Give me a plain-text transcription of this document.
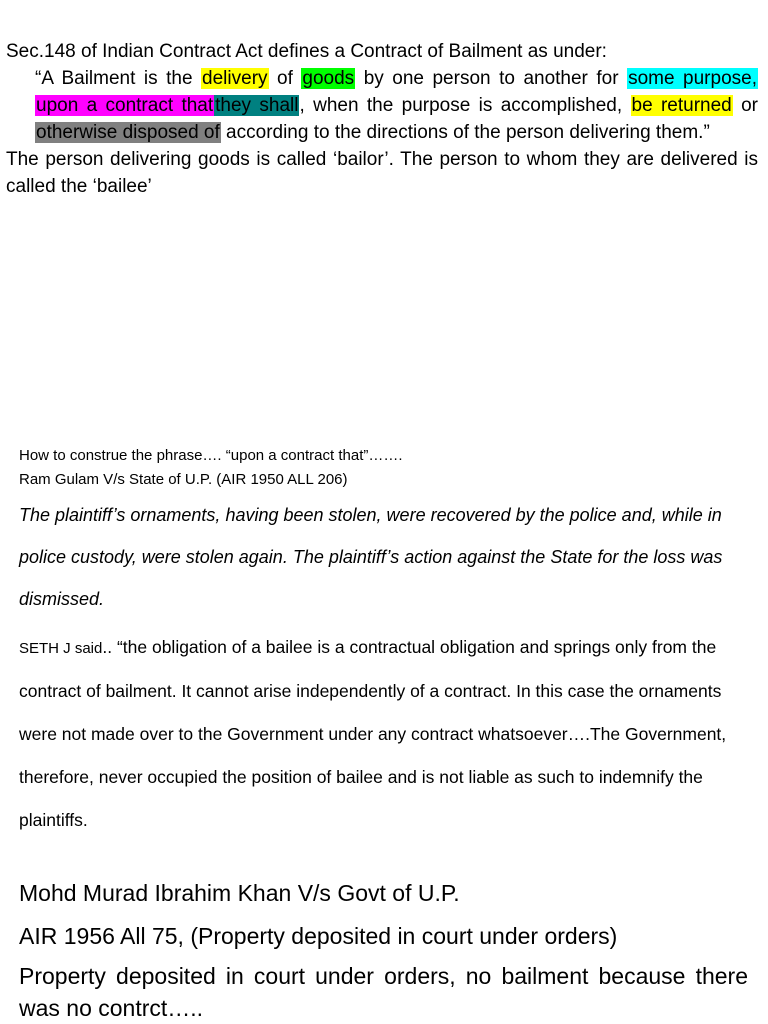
Sec.148 of Indian Contract Act defines a Contract of Bailment as under:

“A Bailment is the delivery of goods by one person to another for some purpose, upon a contract that they shall, when the purpose is accomplished, be returned or otherwise disposed of according to the directions of the person delivering them.”

The person delivering goods is called ‘bailor’. The person to whom they are delivered is called the ‘bailee’

How to construe the phrase…. “upon a contract that”…….

Ram Gulam V/s State of U.P. (AIR 1950 ALL 206)

The plaintiff’s ornaments, having been stolen, were recovered by the police and, while in police custody, were stolen again. The plaintiff’s action against the State for the loss was dismissed.

SETH J said.. “the obligation of a bailee is a contractual obligation and springs only from the contract of bailment. It cannot arise independently of a contract. In this case the ornaments were not made over to the Government under any contract whatsoever….The Government, therefore, never occupied the position of bailee and is not liable as such to indemnify the plaintiffs.

Mohd Murad Ibrahim Khan V/s Govt of U.P.

AIR 1956 All 75, (Property deposited in court under orders)

Property deposited in court under orders, no bailment because there was no contrct…..
